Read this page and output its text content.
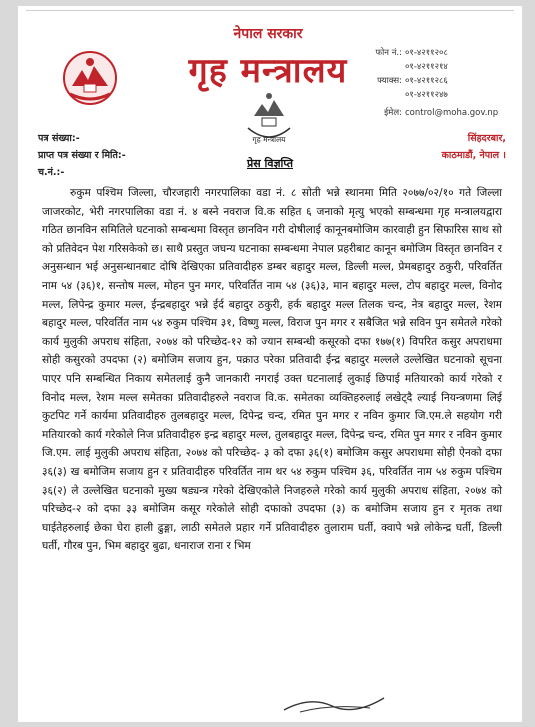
नेपाल सरकार
गृह मन्त्रालय
गृह मन्त्रालय
फोन नं.: ०१-४२११२०८
०१-४२११२१४
फ्याक्स: ०१-४२११२८६
०१-४२११२४७
ईमेल: control@moha.gov.np
पत्र संख्या:-
प्राप्त पत्र संख्या र मिति:-
च.नं.:-
सिंहदरबार,
काठमाडौं, नेपाल ।
प्रेस विज्ञप्ति
रुकुम पश्चिम जिल्ला, चौरजहारी नगरपालिका वडा नं. ८ सोती भन्ने स्थानमा मिति २०७७/०२/१० गते जिल्ला जाजरकोट, भेरी नगरपालिका वडा नं. ४ बस्ने नवराज वि.क सहित ६ जनाको मृत्यु भएको सम्बन्धमा गृह मन्त्रालयद्वारा गठित छानविन समितिले घटनाको सम्बन्धमा विस्तृत छानविन गरी दोषीलाई कानूनबमोजिम कारवाही हुन सिफारिस साथ सो को प्रतिवेदन पेश गरिसकेको छ। साथै प्रस्तुत जघन्य घटनाका सम्बन्धमा नेपाल प्रहरीबाट कानून बमोजिम विस्तृत छानविन र अनुसन्धान भई अनुसन्धानबाट दोषि देखिएका प्रतिवादीहरु डम्बर बहादुर मल्ल, डिल्ली मल्ल, प्रेमबहादुर ठकुरी, परिवर्तित नाम ५४ (३६)१, सन्तोष मल्ल, मोहन पुन मगर, परिवर्तित नाम ५४ (३६)३, मान बहादुर मल्ल, टोप बहादुर मल्ल, विनोद मल्ल, लिपेन्द्र कुमार मल्ल, ईन्द्रबहादुर भन्ने ईर्द बहादुर ठकुरी, हर्क बहादुर मल्ल तिलक चन्द, नेत्र बहादुर मल्ल, रेशम बहादुर मल्ल, परिवर्तित नाम ५४ रुकुम पश्चिम ३१, विष्णु मल्ल, विराज पुन मगर र सबैजित भन्ने सविन पुन समेतले गरेको कार्य मुलुकी अपराध संहिता, २०७४ को परिच्छेद-१२ को ज्यान सम्बन्धी कसूरको दफा १७७(१) विपरित कसुर अपराधमा सोही कसुरको उपदफा (२) बमोजिम सजाय हुन, पक्राउ परेका प्रतिवादी ईन्द्र बहादुर मल्लले उल्लेखित घटनाको सूचना पाएर पनि सम्बन्धित निकाय समेतलाई कुनै जानकारी नगराई उक्त घटनालाई लुकाई छिपाई मतियारको कार्य गरेको र विनोद मल्ल, रेशम मल्ल समेतका प्रतिवादीहरुले नवराज वि.क. समेतका व्यक्तिहरुलाई लखेट्दै ल्याई नियन्त्रणमा लिई कुटपिट गर्ने कार्यमा प्रतिवादीहरु तुलबहादुर मल्ल, दिपेन्द्र चन्द, रमित पुन मगर र नविन कुमार जि.एम.ले सहयोग गरी मतियारको कार्य गरेकोले निज प्रतिवादीहरु इन्द्र बहादुर मल्ल, तुलबहादुर मल्ल, दिपेन्द्र चन्द, रमित पुन मगर र नविन कुमार जि.एम. लाई मुलुकी अपराध संहिता, २०७४ को परिच्छेद- ३ को दफा ३६(१) बमोजिम कसुर अपराधमा सोही ऐनको दफा ३६(३) ख बमोजिम सजाय हुन र प्रतिवादीहरु परिवर्तित नाम थर ५४ रुकुम पश्चिम ३६, परिवर्तित नाम ५४ रुकुम पश्चिम ३६(२) ले उल्लेखित घटनाको मुख्य षड्यन्त्र गरेको देखिएकोले निजहरुले गरेको कार्य मुलुकी अपराध संहिता, २०७४ को परिच्छेद-२ को दफा ३३ बमोजिम कसूर गरेकोले सोही दफाको उपदफा (३) क बमोजिम सजाय हुन र मृतक तथा घाईतेहरुलाई छेका घेरा हाली ढुङ्गा, लाठी समेतले प्रहार गर्ने प्रतिवादीहरु तुलाराम घर्ती, क्वापे भन्ने लोकेन्द्र घर्ती, डिल्ली घर्ती, गौरब पुन, भिम बहादुर बुढा, धनाराज राना र भिम
